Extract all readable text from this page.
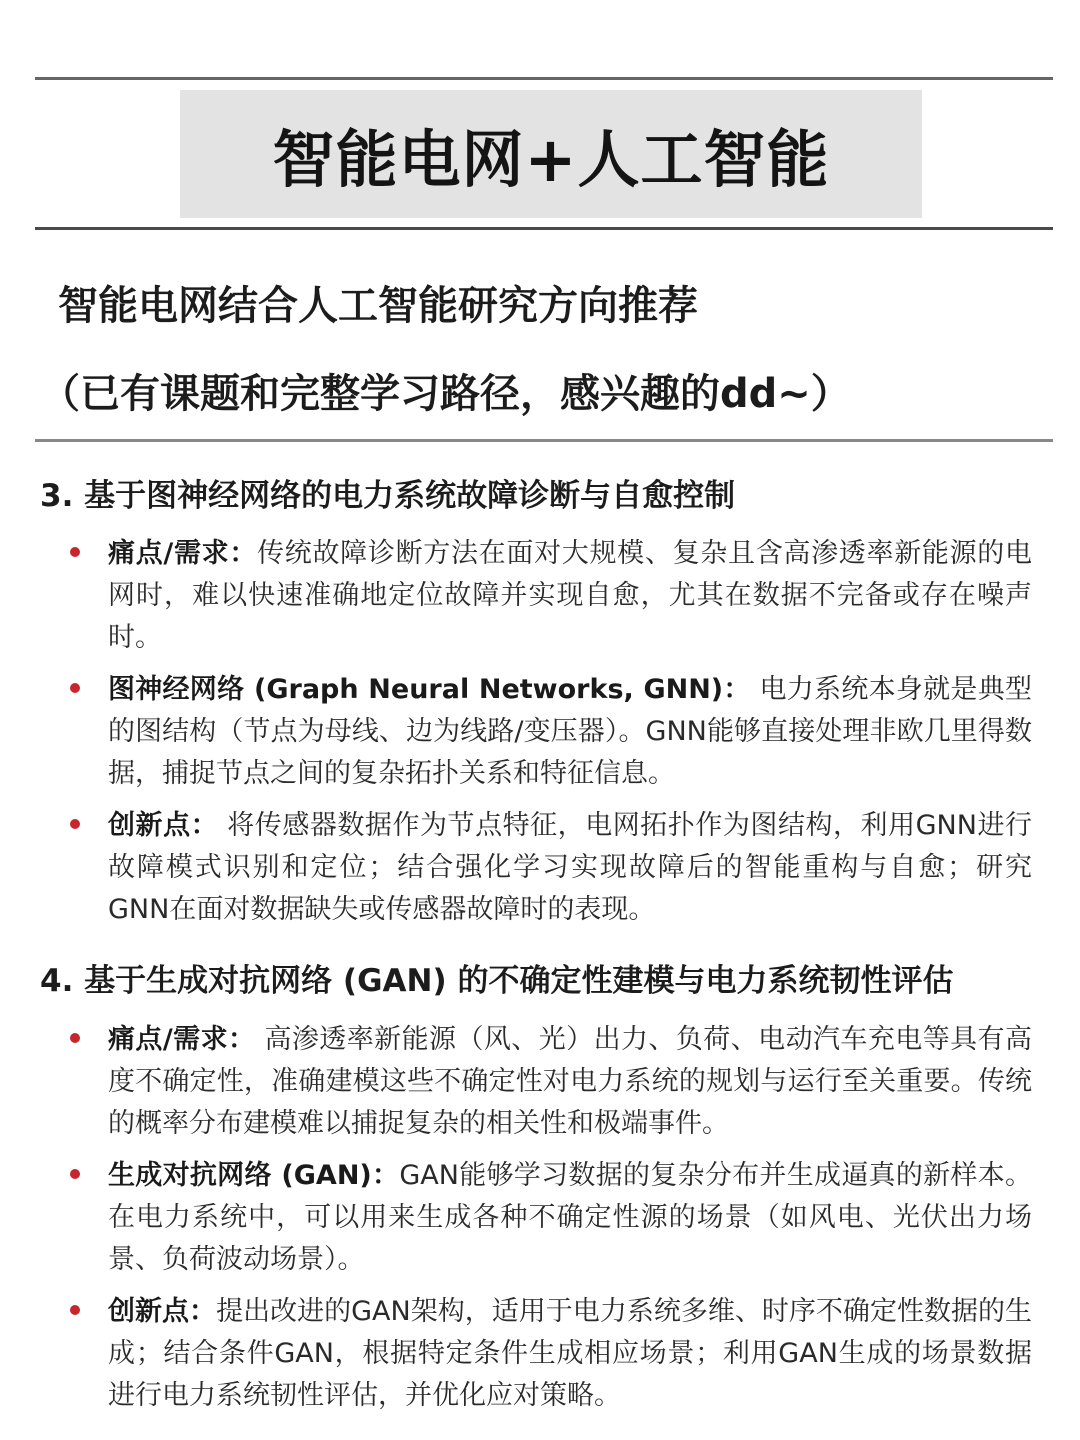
智能电网+人工智能
智能电网结合人工智能研究方向推荐
（已有课题和完整学习路径，感兴趣的dd~）
3. 基于图神经网络的电力系统故障诊断与自愈控制
痛点/需求：传统故障诊断方法在面对大规模、复杂且含高渗透率新能源的电网时，难以快速准确地定位故障并实现自愈，尤其在数据不完备或存在噪声时。
图神经网络 (Graph Neural Networks, GNN)： 电力系统本身就是典型的图结构（节点为母线、边为线路/变压器）。GNN能够直接处理非欧几里得数据，捕捉节点之间的复杂拓扑关系和特征信息。
创新点： 将传感器数据作为节点特征，电网拓扑作为图结构，利用GNN进行故障模式识别和定位；结合强化学习实现故障后的智能重构与自愈；研究GNN在面对数据缺失或传感器故障时的表现。
4. 基于生成对抗网络 (GAN) 的不确定性建模与电力系统韧性评估
痛点/需求： 高渗透率新能源（风、光）出力、负荷、电动汽车充电等具有高度不确定性，准确建模这些不确定性对电力系统的规划与运行至关重要。传统的概率分布建模难以捕捉复杂的相关性和极端事件。
生成对抗网络 (GAN)：GAN能够学习数据的复杂分布并生成逼真的新样本。在电力系统中，可以用来生成各种不确定性源的场景（如风电、光伏出力场景、负荷波动场景）。
创新点：提出改进的GAN架构，适用于电力系统多维、时序不确定性数据的生成；结合条件GAN，根据特定条件生成相应场景；利用GAN生成的场景数据进行电力系统韧性评估，并优化应对策略。
